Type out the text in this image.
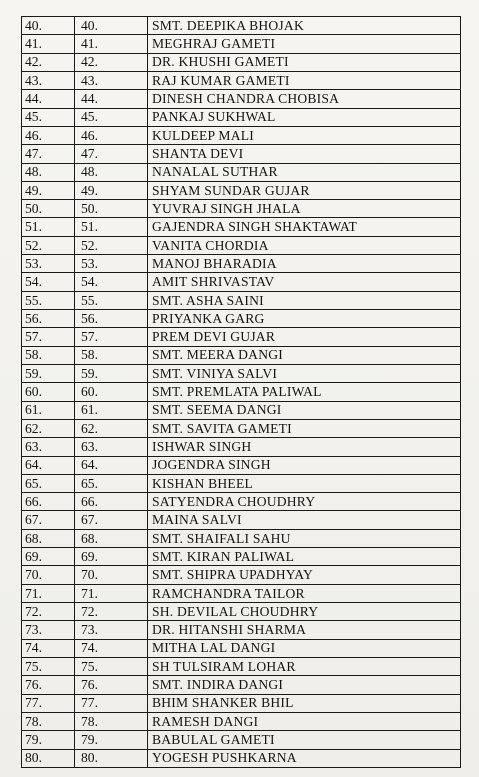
40.	40.	SMT. DEEPIKA BHOJAK
41.	41.	MEGHRAJ GAMETI
42.	42.	DR. KHUSHI GAMETI
43.	43.	RAJ KUMAR GAMETI
44.	44.	DINESH CHANDRA CHOBISA
45.	45.	PANKAJ SUKHWAL
46.	46.	KULDEEP MALI
47.	47.	SHANTA DEVI
48.	48.	NANALAL SUTHAR
49.	49.	SHYAM SUNDAR GUJAR
50.	50.	YUVRAJ SINGH JHALA
51.	51.	GAJENDRA SINGH SHAKTAWAT
52.	52.	VANITA CHORDIA
53.	53.	MANOJ BHARADIA
54.	54.	AMIT SHRIVASTAV
55.	55.	SMT. ASHA SAINI
56.	56.	PRIYANKA GARG
57.	57.	PREM DEVI GUJAR
58.	58.	SMT. MEERA DANGI
59.	59.	SMT. VINIYA SALVI
60.	60.	SMT. PREMLATA PALIWAL
61.	61.	SMT. SEEMA DANGI
62.	62.	SMT. SAVITA GAMETI
63.	63.	ISHWAR SINGH
64.	64.	JOGENDRA SINGH
65.	65.	KISHAN BHEEL
66.	66.	SATYENDRA CHOUDHRY
67.	67.	MAINA SALVI
68.	68.	SMT. SHAIFALI SAHU
69.	69.	SMT. KIRAN PALIWAL
70.	70.	SMT. SHIPRA UPADHYAY
71.	71.	RAMCHANDRA TAILOR
72.	72.	SH. DEVILAL CHOUDHRY
73.	73.	DR. HITANSHI SHARMA
74.	74.	MITHA LAL DANGI
75.	75.	SH TULSIRAM LOHAR
76.	76.	SMT. INDIRA DANGI
77.	77.	BHIM SHANKER BHIL
78.	78.	RAMESH DANGI
79.	79.	BABULAL GAMETI
80.	80.	YOGESH PUSHKARNA
